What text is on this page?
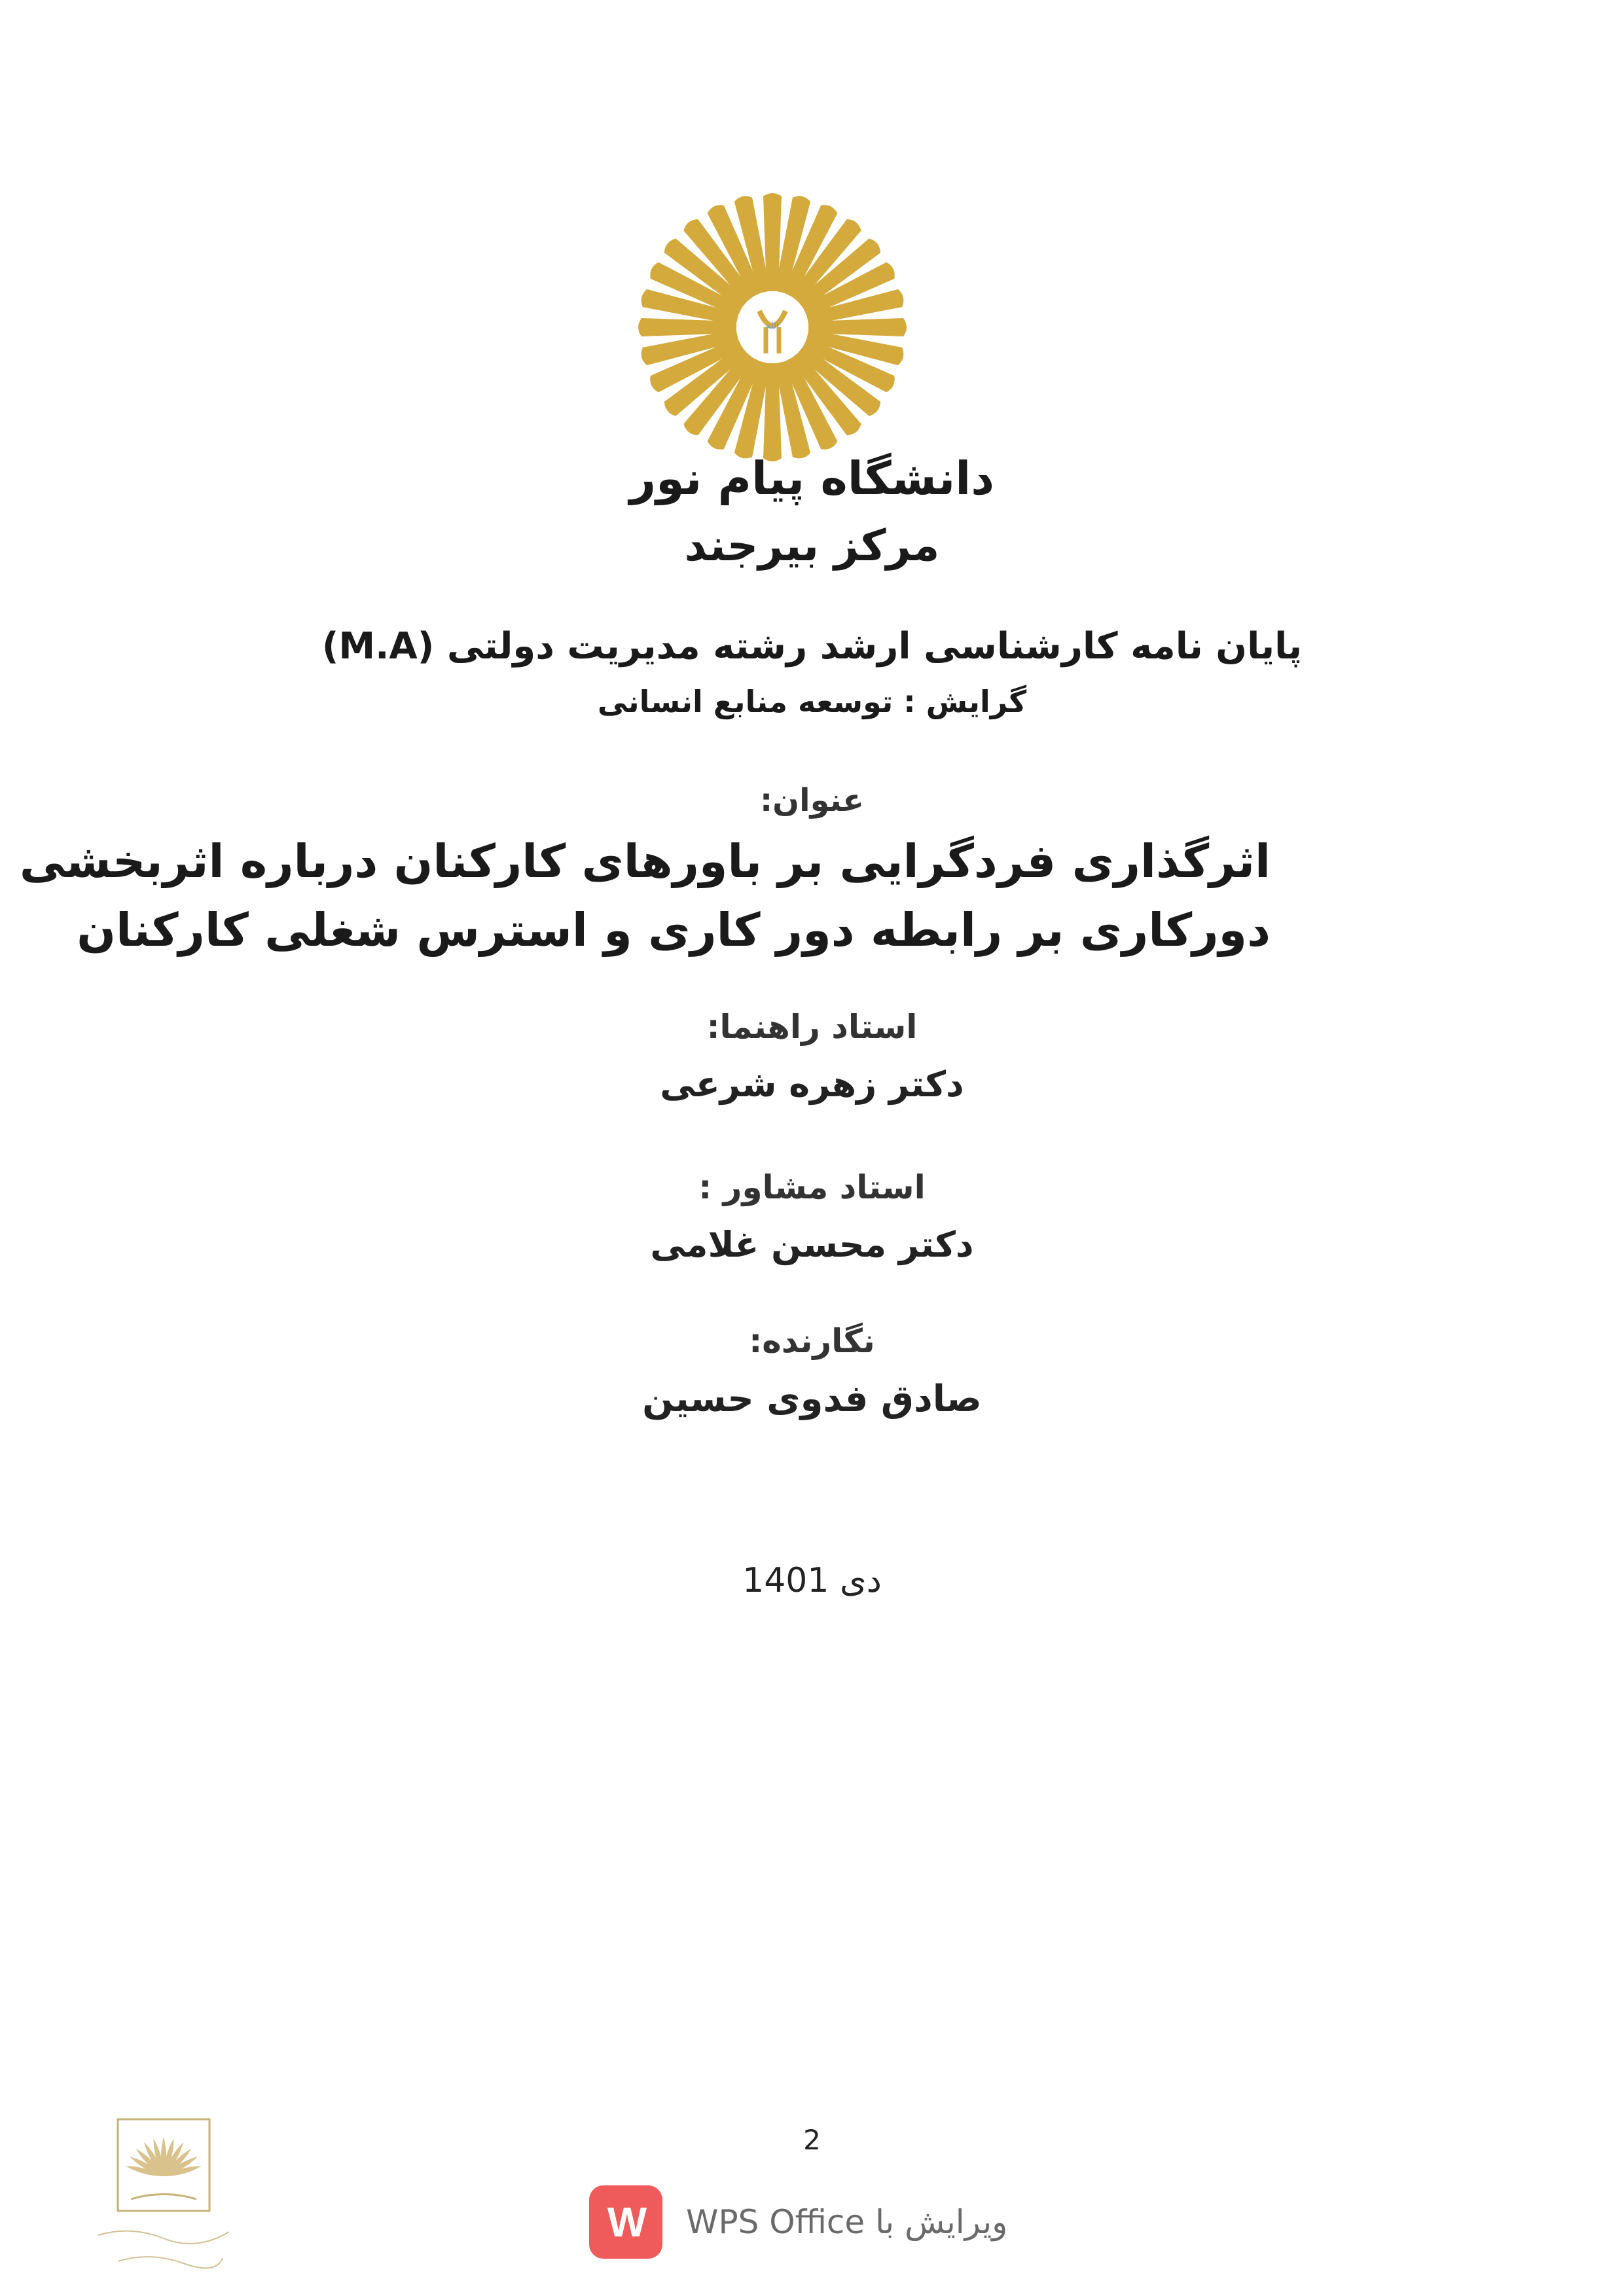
الله
دانشگاه پیام نور
مرکز بیرجند
پایان نامه کارشناسی ارشد رشته مدیریت دولتی (M.A)
گرایش : توسعه منابع انسانی
عنوان:
اثرگذاری فردگرایی بر باورهای کارکنان درباره اثربخشی
دورکاری بر رابطه دور کاری و استرس شغلی کارکنان
استاد راهنما:
دکتر زهره شرعی
استاد مشاور :
دکتر محسن غلامی
نگارنده:
صادق فدوی حسین
دی 1401
2
W ویرایش با WPS Office
